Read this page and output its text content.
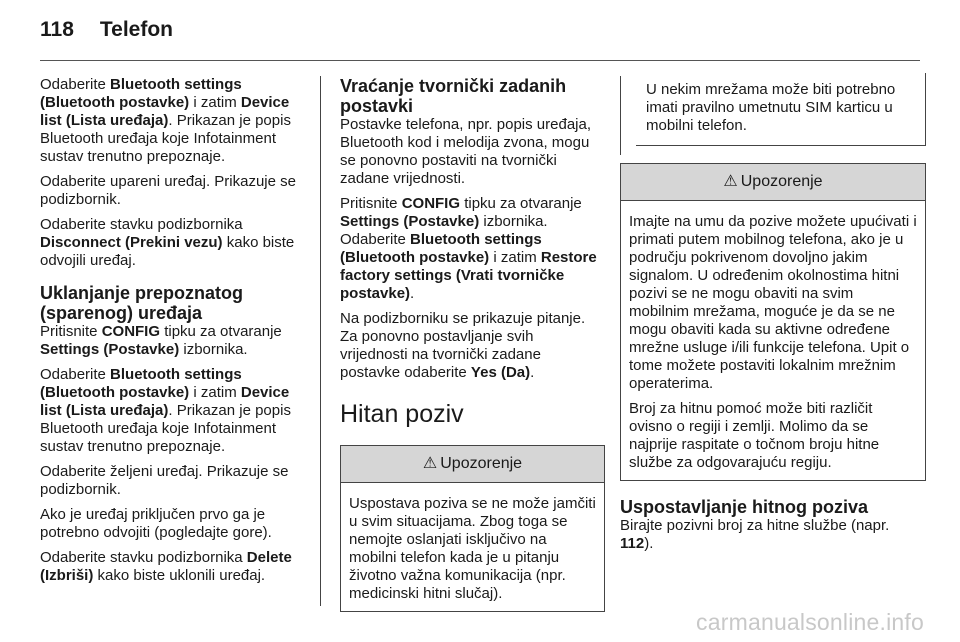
118 Telefon

Odaberite Bluetooth settings (Bluetooth postavke) i zatim Device list (Lista uređaja). Prikazan je popis Bluetooth uređaja koje Infotainment sustav trenutno prepoznaje.

Odaberite upareni uređaj. Prikazuje se podizbornik.

Odaberite stavku podizbornika Disconnect (Prekini vezu) kako biste odvojili uređaj.

Uklanjanje prepoznatog (sparenog) uređaja

Pritisnite CONFIG tipku za otvaranje Settings (Postavke) izbornika.

Odaberite Bluetooth settings (Bluetooth postavke) i zatim Device list (Lista uređaja). Prikazan je popis Bluetooth uređaja koje Infotainment sustav trenutno prepoznaje.

Odaberite željeni uređaj. Prikazuje se podizbornik.

Ako je uređaj priključen prvo ga je potrebno odvojiti (pogledajte gore).

Odaberite stavku podizbornika Delete (Izbriši) kako biste uklonili uređaj.

Vraćanje tvornički zadanih postavki

Postavke telefona, npr. popis uređaja, Bluetooth kod i melodija zvona, mogu se ponovno postaviti na tvornički zadane vrijednosti.

Pritisnite CONFIG tipku za otvaranje Settings (Postavke) izbornika. Odaberite Bluetooth settings (Bluetooth postavke) i zatim Restore factory settings (Vrati tvorničke postavke).

Na podizborniku se prikazuje pitanje. Za ponovno postavljanje svih vrijednosti na tvornički zadane postavke odaberite Yes (Da).

Hitan poziv
⚠ Upozorenje
Uspostava poziva se ne može jamčiti u svim situacijama. Zbog toga se nemojte oslanjati isključivo na mobilni telefon kada je u pitanju životno važna komunikacija (npr. medicinski hitni slučaj).
U nekim mrežama može biti potrebno imati pravilno umetnutu SIM karticu u mobilni telefon.
⚠ Upozorenje

Imajte na umu da pozive možete upućivati i primati putem mobilnog telefona, ako je u području pokrivenom dovoljno jakim signalom. U određenim okolnostima hitni pozivi se ne mogu obaviti na svim mobilnim mrežama, moguće je da se ne mogu obaviti kada su aktivne određene mrežne usluge i/ili funkcije telefona. Upit o tome možete postaviti lokalnim mrežnim operaterima.

Broj za hitnu pomoć može biti različit ovisno o regiji i zemlji. Molimo da se najprije raspitate o točnom broju hitne službe za odgovarajuću regiju.

Uspostavljanje hitnog poziva

Birajte pozivni broj za hitne službe (napr. 112).

carmanualsonline.info
